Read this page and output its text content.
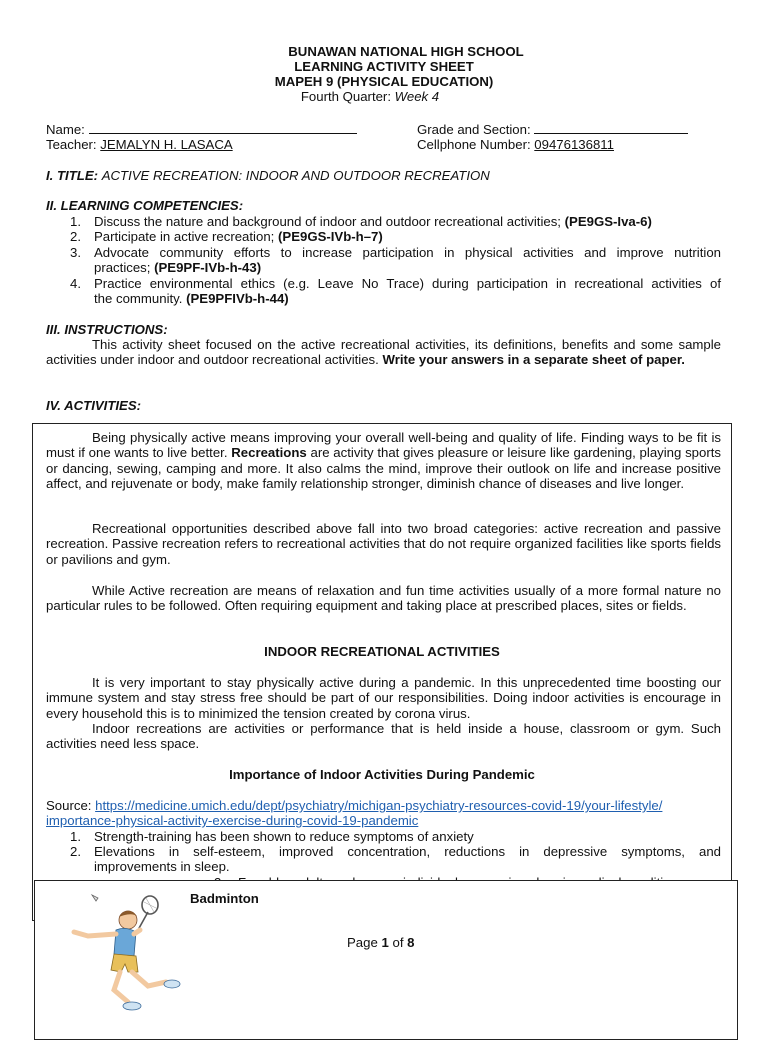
BUNAWAN NATIONAL HIGH SCHOOL
LEARNING ACTIVITY SHEET
MAPEH 9 (PHYSICAL EDUCATION)
Fourth Quarter: Week 4
Name:	Grade and Section:
Teacher: JEMALYN H. LASACA	Cellphone Number: 09476136811
I. TITLE: ACTIVE RECREATION: INDOOR AND OUTDOOR RECREATION
II. LEARNING COMPETENCIES:
1. Discuss the nature and background of indoor and outdoor recreational activities; (PE9GS-Iva-6)
2. Participate in active recreation; (PE9GS-IVb-h–7)
3. Advocate community efforts to increase participation in physical activities and improve nutrition
practices; (PE9PF-IVb-h-43)
4. Practice environmental ethics (e.g. Leave No Trace) during participation in recreational activities of
the community. (PE9PFIVb-h-44)
III. INSTRUCTIONS:
This activity sheet focused on the active recreational activities, its definitions, benefits and some sample activities under indoor and outdoor recreational activities. Write your answers in a separate sheet of paper.
IV. ACTIVITIES:
Being physically active means improving your overall well-being and quality of life. Finding ways to be fit is must if one wants to live better. Recreations are activity that gives pleasure or leisure like gardening, playing sports or dancing, sewing, camping and more. It also calms the mind, improve their outlook on life and increase positive affect, and rejuvenate or body, make family relationship stronger, diminish chance of diseases and live longer.
Recreational opportunities described above fall into two broad categories: active recreation and passive recreation. Passive recreation refers to recreational activities that do not require organized facilities like sports fields or pavilions and gym.
While Active recreation are means of relaxation and fun time activities usually of a more formal nature no particular rules to be followed. Often requiring equipment and taking place at prescribed places, sites or fields.
INDOOR RECREATIONAL ACTIVITIES
It is very important to stay physically active during a pandemic. In this unprecedented time boosting our immune system and stay stress free should be part of our responsibilities. Doing indoor activities is encourage in every household this is to minimized the tension created by corona virus.
Indoor recreations are activities or performance that is held inside a house, classroom or gym. Such activities need less space.
Importance of Indoor Activities During Pandemic
Source: https://medicine.umich.edu/dept/psychiatry/michigan-psychiatry-resources-covid-19/your-lifestyle/
importance-physical-activity-exercise-during-covid-19-pandemic
1. Strength-training has been shown to reduce symptoms of anxiety
2. Elevations in self-esteem, improved concentration, reductions in depressive symptoms, and
improvements in sleep.
Badminton
Page 1 of 8
